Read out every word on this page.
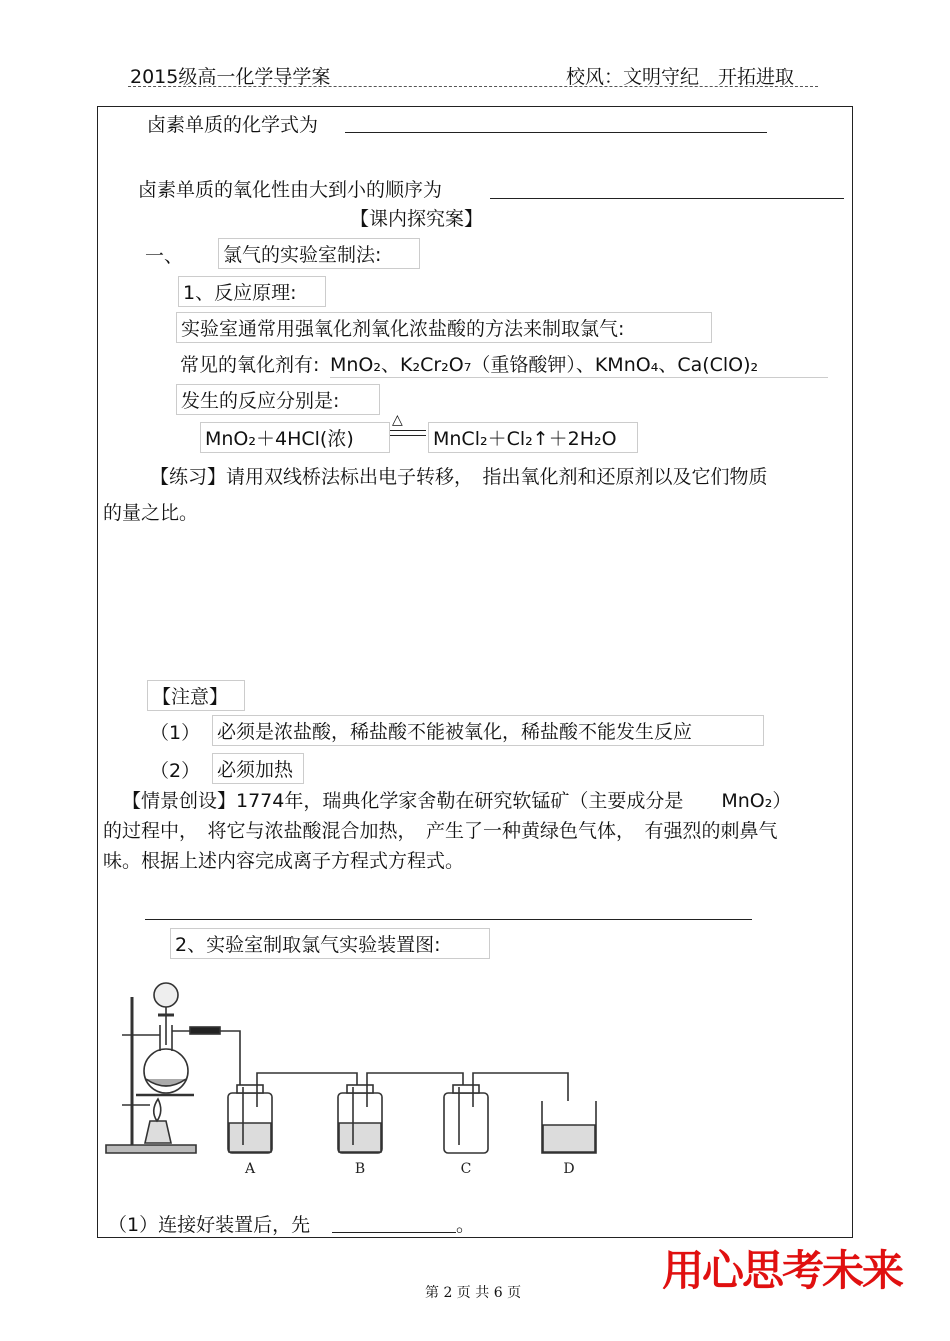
2015级高一化学导学案	校风：文明守纪　开拓进取
卤素单质的化学式为
卤素单质的氧化性由大到小的顺序为
【课内探究案】
一、 氯气的实验室制法:
1、反应原理:
实验室通常用强氧化剂氧化浓盐酸的方法来制取氯气:
常见的氧化剂有: MnO₂、K₂Cr₂O₇（重铬酸钾）、KMnO₄、Ca(ClO)₂
发生的反应分别是:
MnO₂＋4HCl(浓)
△
MnCl₂＋Cl₂↑＋2H₂O
【练习】请用双线桥法标出电子转移，　指出氧化剂和还原剂以及它们物质
的量之比。
【注意】
（1） 必须是浓盐酸，稀盐酸不能被氧化，稀盐酸不能发生反应
（2） 必须加热
【情景创设】1774年，瑞典化学家舍勒在研究软锰矿（主要成分是　　MnO₂）
的过程中，　将它与浓盐酸混合加热，　产生了一种黄绿色气体，　有强烈的刺鼻气
味。根据上述内容完成离子方程式方程式。
2、实验室制取氯气实验装置图:
A	B	C	D
（1）连接好装置后，先	。
用心思考未来
第 2 页 共 6 页
